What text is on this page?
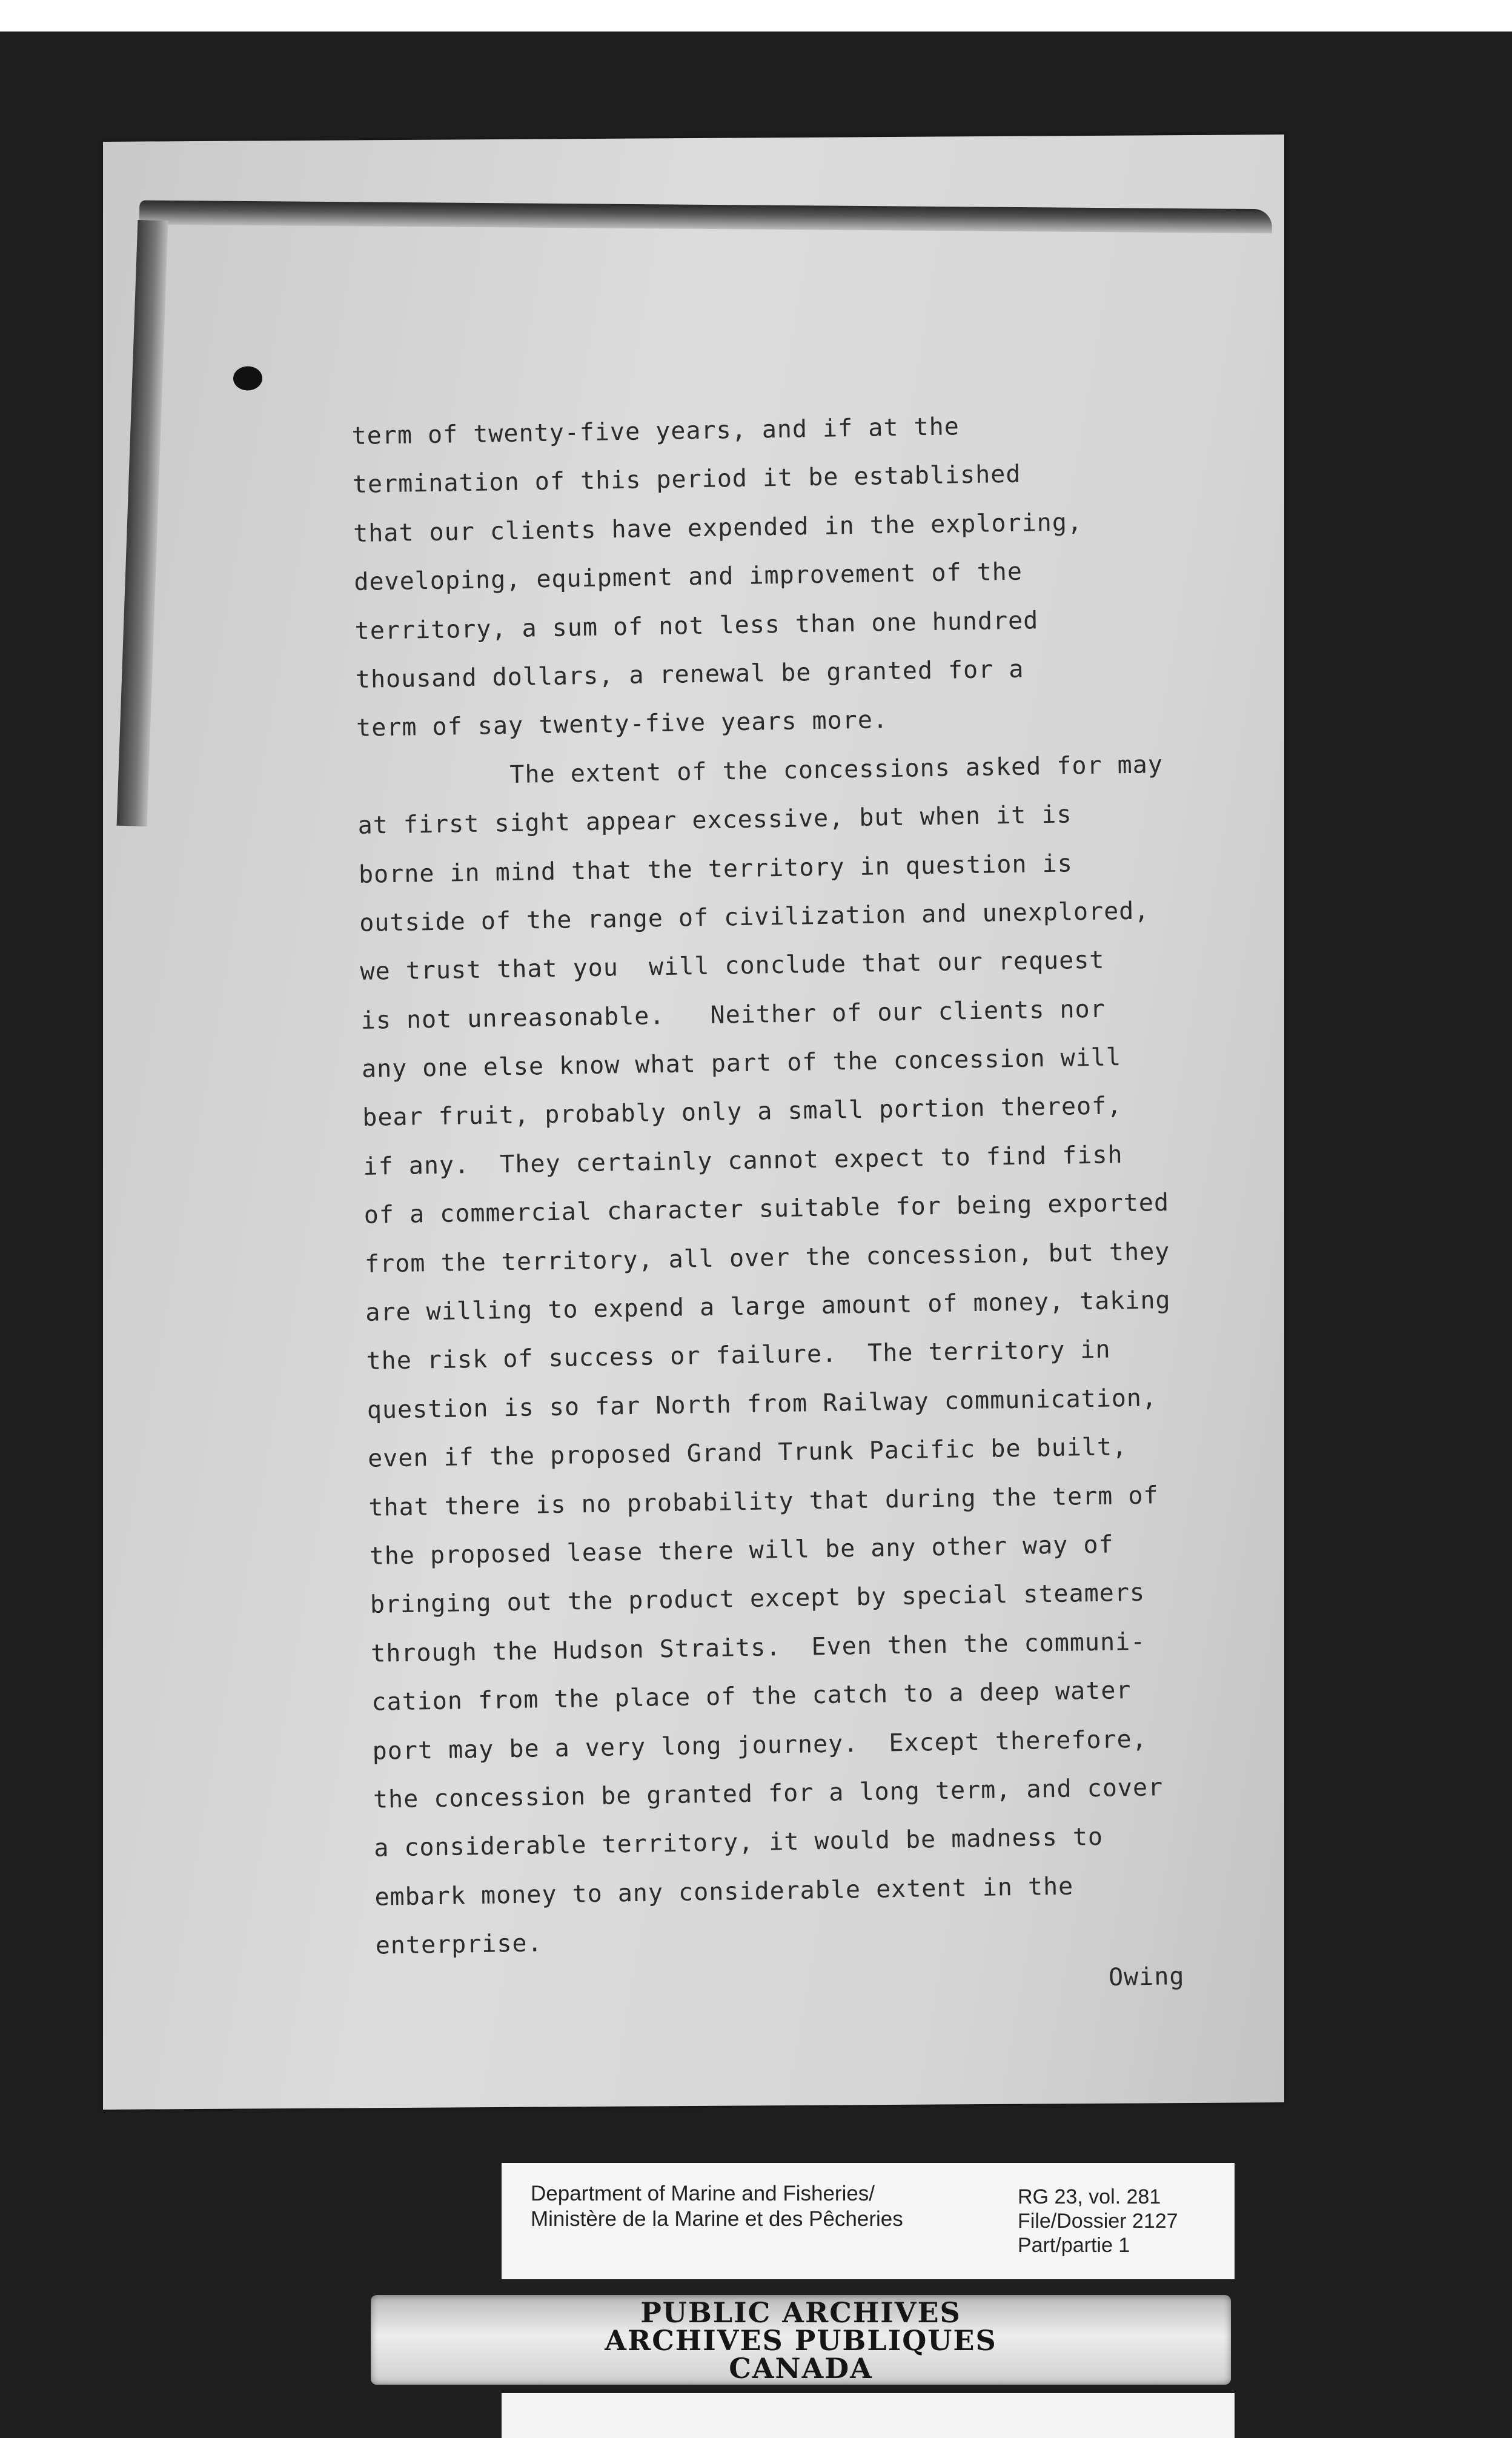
term of twenty-five years, and if at the
termination of this period it be established
that our clients have expended in the exploring,
developing, equipment and improvement of the
territory, a sum of not less than one hundred
thousand dollars, a renewal be granted for a
term of say twenty-five years more.
The extent of the concessions asked for may
at first sight appear excessive, but when it is
borne in mind that the territory in question is
outside of the range of civilization and unexplored,
we trust that you  will conclude that our request
is not unreasonable.   Neither of our clients nor
any one else know what part of the concession will
bear fruit, probably only a small portion thereof,
if any.  They certainly cannot expect to find fish
of a commercial character suitable for being exported
from the territory, all over the concession, but they
are willing to expend a large amount of money, taking
the risk of success or failure.  The territory in
question is so far North from Railway communication,
even if the proposed Grand Trunk Pacific be built,
that there is no probability that during the term of
the proposed lease there will be any other way of
bringing out the product except by special steamers
through the Hudson Straits.  Even then the communi-
cation from the place of the catch to a deep water
port may be a very long journey.  Except therefore,
the concession be granted for a long term, and cover
a considerable territory, it would be madness to
embark money to any considerable extent in the
enterprise.
Owing
Department of Marine and Fisheries/
Ministère de la Marine et des Pêcheries
RG 23, vol. 281
File/Dossier 2127
Part/partie 1
PUBLIC ARCHIVES
ARCHIVES PUBLIQUES
CANADA
